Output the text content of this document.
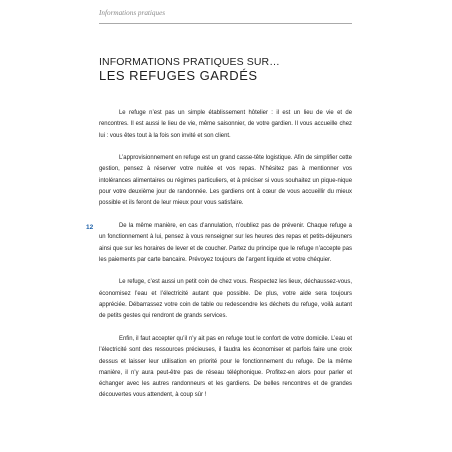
Informations pratiques
INFORMATIONS PRATIQUES SUR…
LES REFUGES GARDÉS
12

Le refuge n’est pas un simple établissement hôtelier : il est un lieu de vie et de rencontres. Il est aussi le lieu de vie, même saisonnier, de votre gardien. Il vous accueille chez lui : vous êtes tout à la fois son invité et son client.

L’approvisionnement en refuge est un grand casse-tête logistique. Afin de simplifier cette gestion, pensez à réserver votre nuitée et vos repas. N’hésitez pas à mentionner vos intolérances alimentaires ou régimes particuliers, et à préciser si vous souhaitez un pique-nique pour votre deuxième jour de randonnée. Les gardiens ont à cœur de vous accueillir du mieux possible et ils feront de leur mieux pour vous satisfaire.

De la même manière, en cas d’annulation, n’oubliez pas de prévenir. Chaque refuge a un fonctionnement à lui, pensez à vous renseigner sur les heures des repas et petits-déjeuners ainsi que sur les horaires de lever et de coucher. Partez du principe que le refuge n’accepte pas les paiements par carte bancaire. Prévoyez toujours de l’argent liquide et votre chéquier.

Le refuge, c’est aussi un petit coin de chez vous. Respectez les lieux, déchaussez-vous, économisez l’eau et l’électricité autant que possible. De plus, votre aide sera toujours appréciée. Débarrassez votre coin de table ou redescendre les déchets du refuge, voilà autant de petits gestes qui rendront de grands services.

Enfin, il faut accepter qu’il n’y ait pas en refuge tout le confort de votre domicile. L’eau et l’électricité sont des ressources précieuses, il faudra les économiser et parfois faire une croix dessus et laisser leur utilisation en priorité pour le fonctionnement du refuge. De la même manière, il n’y aura peut-être pas de réseau téléphonique. Profitez-en alors pour parler et échanger avec les autres randonneurs et les gardiens. De belles rencontres et de grandes découvertes vous attendent, à coup sûr !
